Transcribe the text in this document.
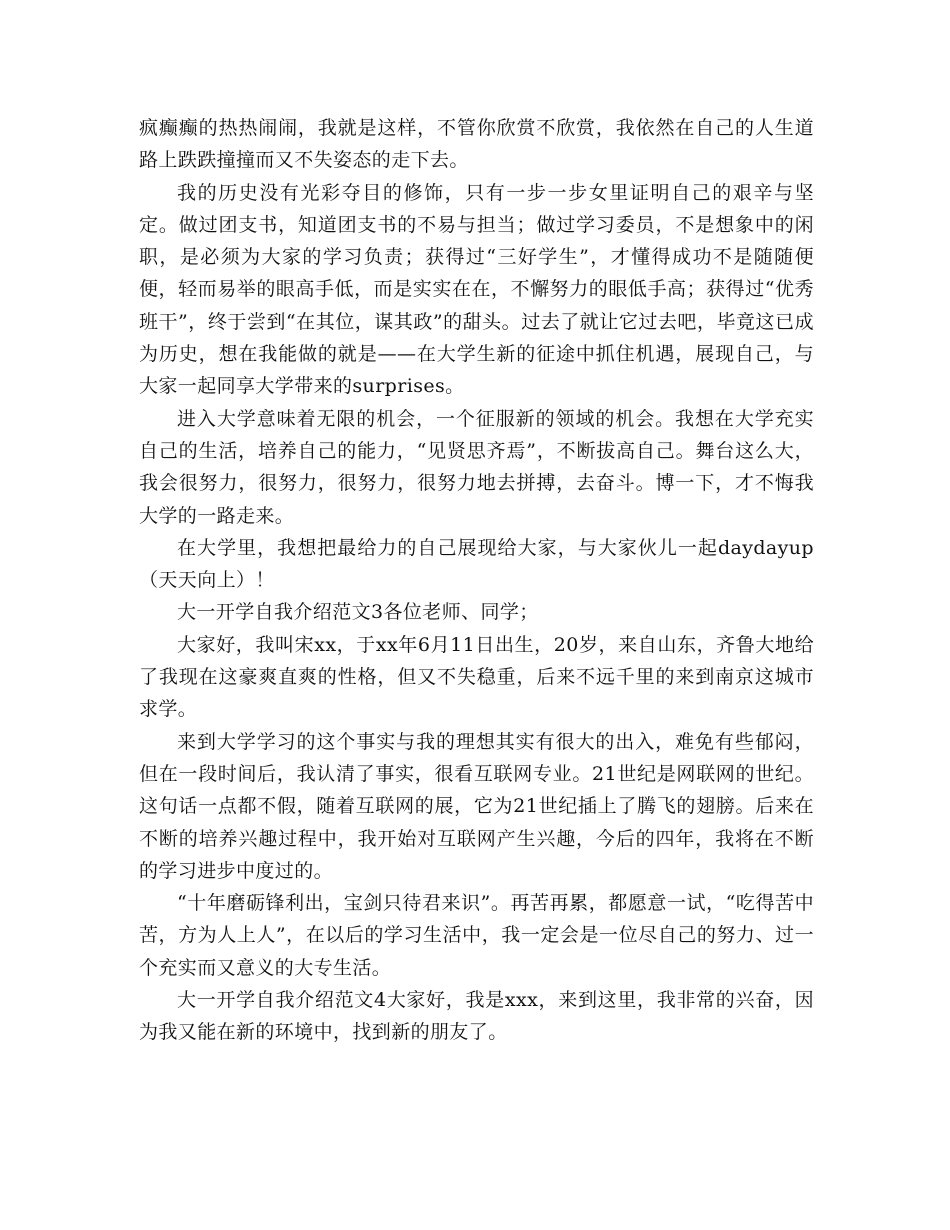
疯癫癫的热热闹闹，我就是这样，不管你欣赏不欣赏，我依然在自己的人生道路上跌跌撞撞而又不失姿态的走下去。

我的历史没有光彩夺目的修饰，只有一步一步女里证明自己的艰辛与坚定。做过团支书，知道团支书的不易与担当；做过学习委员，不是想象中的闲职，是必须为大家的学习负责；获得过“三好学生”，才懂得成功不是随随便便，轻而易举的眼高手低，而是实实在在，不懈努力的眼低手高；获得过“优秀班干”，终于尝到“在其位，谋其政”的甜头。过去了就让它过去吧，毕竟这已成为历史，想在我能做的就是——在大学生新的征途中抓住机遇，展现自己，与大家一起同享大学带来的surprises。

进入大学意味着无限的机会，一个征服新的领域的机会。我想在大学充实自己的生活，培养自己的能力，“见贤思齐焉”，不断拔高自己。舞台这么大，我会很努力，很努力，很努力，很努力地去拼搏，去奋斗。博一下，才不悔我大学的一路走来。

在大学里，我想把最给力的自己展现给大家，与大家伙儿一起daydayup（天天向上）！

大一开学自我介绍范文3各位老师、同学；

大家好，我叫宋xx，于xx年6月11日出生，20岁，来自山东，齐鲁大地给了我现在这豪爽直爽的性格，但又不失稳重，后来不远千里的来到南京这城市求学。

来到大学学习的这个事实与我的理想其实有很大的出入，难免有些郁闷，但在一段时间后，我认清了事实，很看互联网专业。21世纪是网联网的世纪。这句话一点都不假，随着互联网的展，它为21世纪插上了腾飞的翅膀。后来在不断的培养兴趣过程中，我开始对互联网产生兴趣，今后的四年，我将在不断的学习进步中度过的。

“十年磨砺锋利出，宝剑只待君来识”。再苦再累，都愿意一试，“吃得苦中苦，方为人上人”，在以后的学习生活中，我一定会是一位尽自己的努力、过一个充实而又意义的大专生活。

大一开学自我介绍范文4大家好，我是xxx，来到这里，我非常的兴奋，因为我又能在新的环境中，找到新的朋友了。
